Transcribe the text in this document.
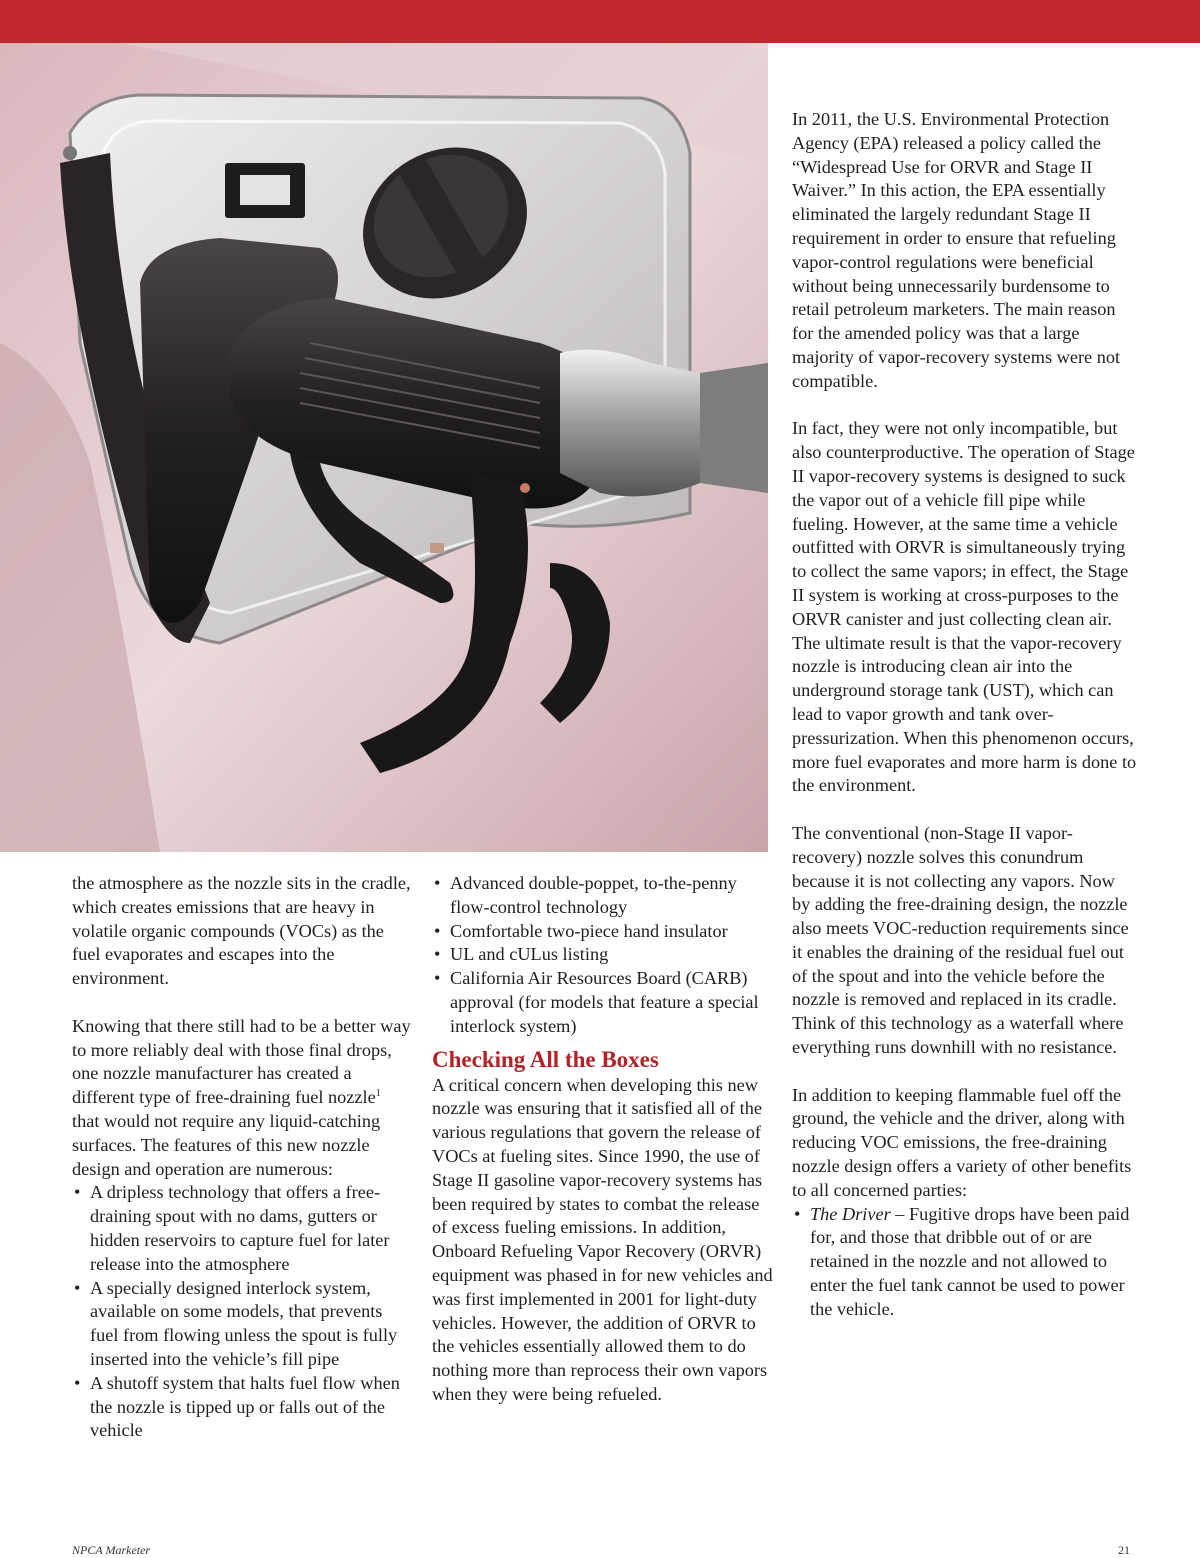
the atmosphere as the nozzle sits in the cradle, which creates emissions that are heavy in volatile organic compounds (VOCs) as the fuel evaporates and escapes into the environment.

Knowing that there still had to be a better way to more reliably deal with those final drops, one nozzle manufacturer has created a different type of free-draining fuel nozzle$^1$ that would not require any liquid-catching surfaces. The features of this new nozzle design and operation are numerous:

• A dripless technology that offers a free-draining spout with no dams, gutters or hidden reservoirs to capture fuel for later release into the atmosphere
• A specially designed interlock system, available on some models, that prevents fuel from flowing unless the spout is fully inserted into the vehicle’s fill pipe
• A shutoff system that halts fuel flow when the nozzle is tipped up or falls out of the vehicle
• Advanced double-poppet, to-the-penny flow-control technology
• Comfortable two-piece hand insulator
• UL and cULus listing
• California Air Resources Board (CARB) approval (for models that feature a special interlock system)
Checking All the Boxes

A critical concern when developing this new nozzle was ensuring that it satisfied all of the various regulations that govern the release of VOCs at fueling sites. Since 1990, the use of Stage II gasoline vapor-recovery systems has been required by states to combat the release of excess fueling emissions. In addition, Onboard Refueling Vapor Recovery (ORVR) equipment was phased in for new vehicles and was first implemented in 2001 for light-duty vehicles. However, the addition of ORVR to the vehicles essentially allowed them to do nothing more than reprocess their own vapors when they were being refueled.

In 2011, the U.S. Environmental Protection Agency (EPA) released a policy called the “Widespread Use for ORVR and Stage II Waiver.” In this action, the EPA essentially eliminated the largely redundant Stage II requirement in order to ensure that refueling vapor-control regulations were beneficial without being unnecessarily burdensome to retail petroleum marketers. The main reason for the amended policy was that a large majority of vapor-recovery systems were not compatible.

In fact, they were not only incompatible, but also counterproductive. The operation of Stage II vapor-recovery systems is designed to suck the vapor out of a vehicle fill pipe while fueling. However, at the same time a vehicle outfitted with ORVR is simultaneously trying to collect the same vapors; in effect, the Stage II system is working at cross-purposes to the ORVR canister and just collecting clean air. The ultimate result is that the vapor-recovery nozzle is introducing clean air into the underground storage tank (UST), which can lead to vapor growth and tank over-pressurization. When this phenomenon occurs, more fuel evaporates and more harm is done to the environment.

The conventional (non-Stage II vapor-recovery) nozzle solves this conundrum because it is not collecting any vapors. Now by adding the free-draining design, the nozzle also meets VOC-reduction requirements since it enables the draining of the residual fuel out of the spout and into the vehicle before the nozzle is removed and replaced in its cradle. Think of this technology as a waterfall where everything runs downhill with no resistance.

In addition to keeping flammable fuel off the ground, the vehicle and the driver, along with reducing VOC emissions, the free-draining nozzle design offers a variety of other benefits to all concerned parties:

• The Driver – Fugitive drops have been paid for, and those that dribble out of or are retained in the nozzle and not allowed to enter the fuel tank cannot be used to power the vehicle.
NPCA Marketer	21
